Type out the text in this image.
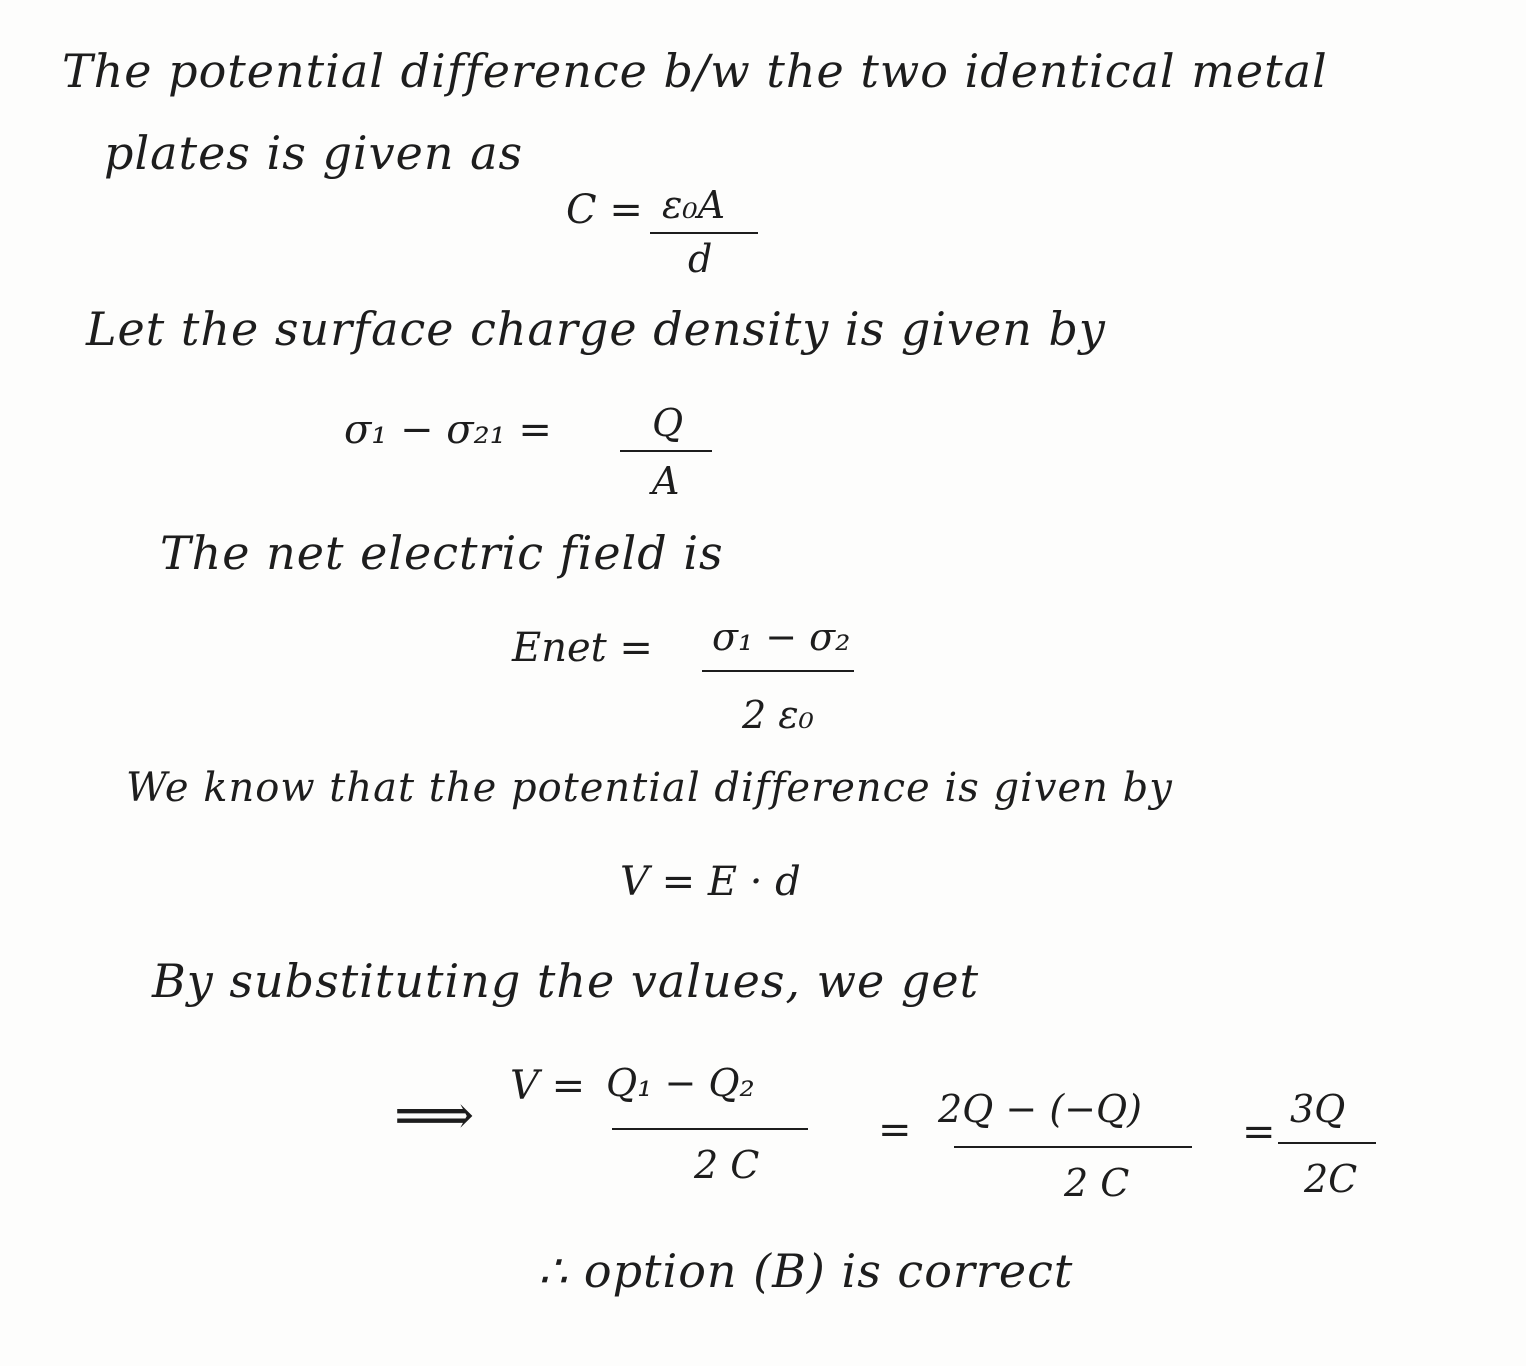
The potential difference b/w the two identical metal
plates is given as
C = ε₀A
d
Let the surface charge density is given by
σ₁ − σ₂₁ =	Q
A
The net electric field is
Enet = σ₁ − σ₂
2 ε₀
We know that the potential difference is given by
V = E · d
By substituting the values, we get
⟹ V = Q₁ − Q₂
2 C
= 2Q − (−Q)
2 C
= 3Q
2C
∴ option (B) is correct
